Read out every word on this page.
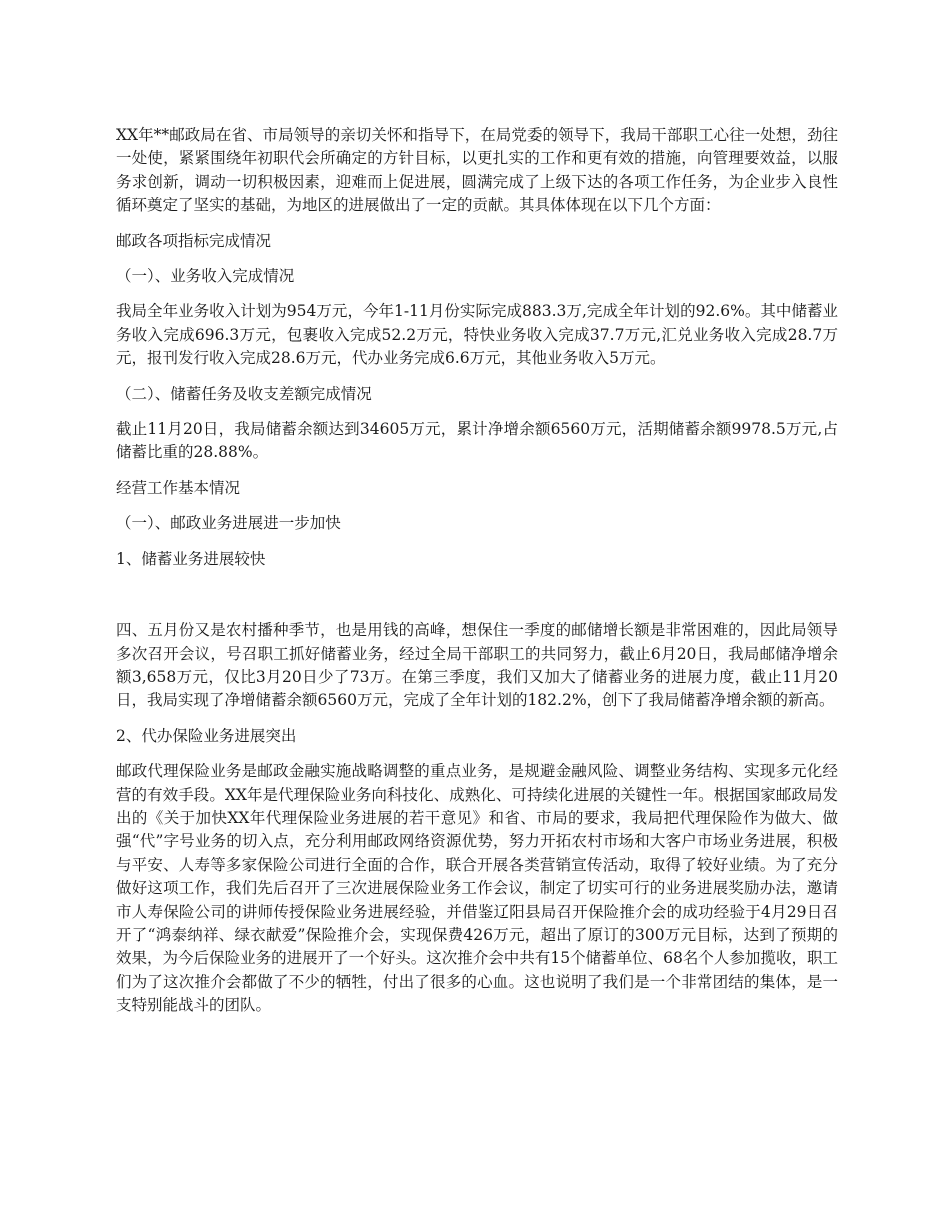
XX年**邮政局在省、市局领导的亲切关怀和指导下，在局党委的领导下，我局干部职工心往一处想，劲往一处使，紧紧围绕年初职代会所确定的方针目标，以更扎实的工作和更有效的措施，向管理要效益，以服务求创新，调动一切积极因素，迎难而上促进展，圆满完成了上级下达的各项工作任务，为企业步入良性循环奠定了坚实的基础，为地区的进展做出了一定的贡献。其具体体现在以下几个方面：

邮政各项指标完成情况

（一）、业务收入完成情况

我局全年业务收入计划为954万元，今年1-11月份实际完成883.3万,完成全年计划的92.6%。其中储蓄业务收入完成696.3万元，包裹收入完成52.2万元，特快业务收入完成37.7万元,汇兑业务收入完成28.7万元，报刊发行收入完成28.6万元，代办业务完成6.6万元，其他业务收入5万元。

（二）、储蓄任务及收支差额完成情况

截止11月20日，我局储蓄余额达到34605万元，累计净增余额6560万元，活期储蓄余额9978.5万元,占储蓄比重的28.88%。

经营工作基本情况

（一）、邮政业务进展进一步加快

1、储蓄业务进展较快

四、五月份又是农村播种季节，也是用钱的高峰，想保住一季度的邮储增长额是非常困难的，因此局领导多次召开会议，号召职工抓好储蓄业务，经过全局干部职工的共同努力，截止6月20日，我局邮储净增余额3,658万元，仅比3月20日少了73万。在第三季度，我们又加大了储蓄业务的进展力度，截止11月20日，我局实现了净增储蓄余额6560万元，完成了全年计划的182.2%，创下了我局储蓄净增余额的新高。

2、代办保险业务进展突出

邮政代理保险业务是邮政金融实施战略调整的重点业务，是规避金融风险、调整业务结构、实现多元化经营的有效手段。XX年是代理保险业务向科技化、成熟化、可持续化进展的关键性一年。根据国家邮政局发出的《关于加快XX年代理保险业务进展的若干意见》和省、市局的要求，我局把代理保险作为做大、做强“代”字号业务的切入点，充分利用邮政网络资源优势，努力开拓农村市场和大客户市场业务进展，积极与平安、人寿等多家保险公司进行全面的合作，联合开展各类营销宣传活动，取得了较好业绩。为了充分做好这项工作，我们先后召开了三次进展保险业务工作会议，制定了切实可行的业务进展奖励办法，邀请市人寿保险公司的讲师传授保险业务进展经验，并借鉴辽阳县局召开保险推介会的成功经验于4月29日召开了“鸿泰纳祥、绿衣献爱”保险推介会，实现保费426万元，超出了原订的300万元目标，达到了预期的效果，为今后保险业务的进展开了一个好头。这次推介会中共有15个储蓄单位、68名个人参加揽收，职工们为了这次推介会都做了不少的牺牲，付出了很多的心血。这也说明了我们是一个非常团结的集体，是一支特别能战斗的团队。
